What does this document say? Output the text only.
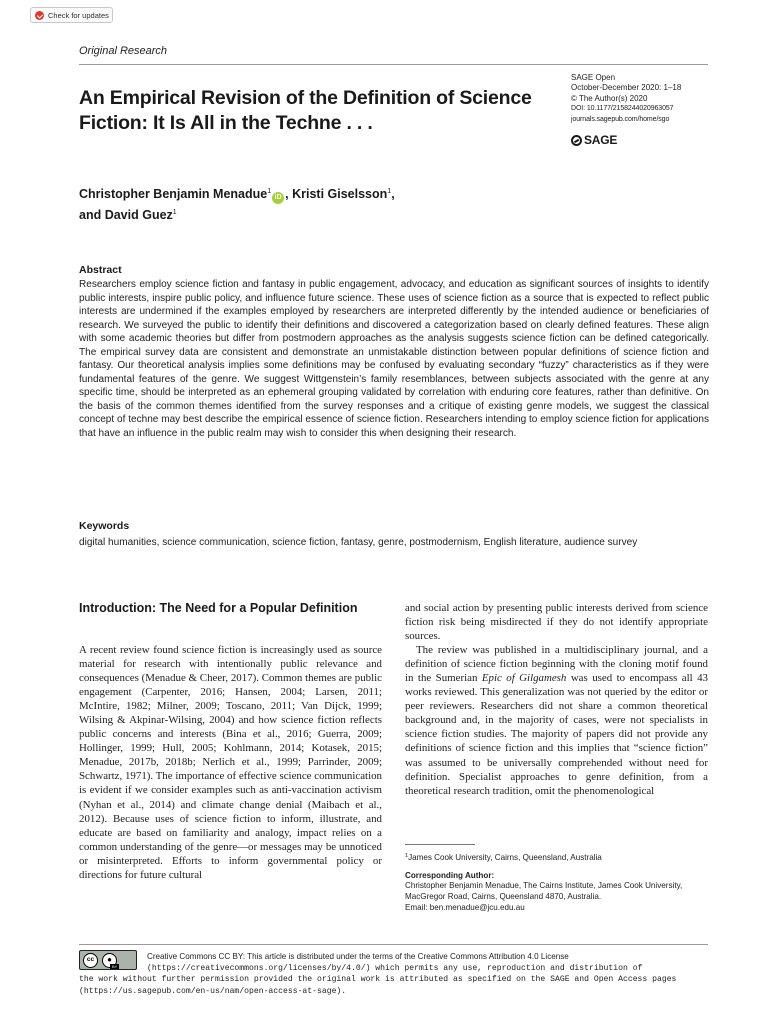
Check for updates
Original Research
SAGE Open
October-December 2020: 1–18
© The Author(s) 2020
DOI: 10.1177/2158244020963057
journals.sagepub.com/home/sgo
SAGE
An Empirical Revision of the Definition of Science Fiction: It Is All in the Techne . . .
Christopher Benjamin Menadue$^1$iD , Kristi Giselsson$^1$,
and David Guez$^1$
Abstract

Researchers employ science fiction and fantasy in public engagement, advocacy, and education as significant sources of insights to identify public interests, inspire public policy, and influence future science. These uses of science fiction as a source that is expected to reflect public interests are undermined if the examples employed by researchers are interpreted differently by the intended audience or beneficiaries of research. We surveyed the public to identify their definitions and discovered a categorization based on clearly defined features. These align with some academic theories but differ from postmodern approaches as the analysis suggests science fiction can be defined categorically. The empirical survey data are consistent and demonstrate an unmistakable distinction between popular definitions of science fiction and fantasy. Our theoretical analysis implies some definitions may be confused by evaluating secondary “fuzzy” characteristics as if they were fundamental features of the genre. We suggest Wittgenstein’s family resemblances, between subjects associated with the genre at any specific time, should be interpreted as an ephemeral grouping validated by correlation with enduring core features, rather than definitive. On the basis of the common themes identified from the survey responses and a critique of existing genre models, we suggest the classical concept of techne may best describe the empirical essence of science fiction. Researchers intending to employ science fiction for applications that have an influence in the public realm may wish to consider this when designing their research.

Keywords

digital humanities, science communication, science fiction, fantasy, genre, postmodernism, English literature, audience survey

Introduction: The Need for a Popular Definition

A recent review found science fiction is increasingly used as source material for research with intentionally public relevance and consequences (Menadue & Cheer, 2017). Common themes are public engagement (Carpenter, 2016; Hansen, 2004; Larsen, 2011; McIntire, 1982; Milner, 2009; Toscano, 2011; Van Dijck, 1999; Wilsing & Akpinar-Wilsing, 2004) and how science fiction reflects public concerns and interests (Bina et al., 2016; Guerra, 2009; Hollinger, 1999; Hull, 2005; Kohlmann, 2014; Kotasek, 2015; Menadue, 2017b, 2018b; Nerlich et al., 1999; Parrinder, 2009; Schwartz, 1971). The importance of effective science communication is evident if we consider examples such as anti-vaccination activism (Nyhan et al., 2014) and climate change denial (Maibach et al., 2012). Because uses of science fiction to inform, illustrate, and educate are based on familiarity and analogy, impact relies on a common understanding of the genre—or messages may be unnoticed or misinterpreted. Efforts to inform governmental policy or directions for future cultural

and social action by presenting public interests derived from science fiction risk being misdirected if they do not identify appropriate sources.

The review was published in a multidisciplinary journal, and a definition of science fiction beginning with the cloning motif found in the Sumerian Epic of Gilgamesh was used to encompass all 43 works reviewed. This generalization was not queried by the editor or peer reviewers. Researchers did not share a common theoretical background and, in the majority of cases, were not specialists in science fiction studies. The majority of papers did not provide any definitions of science fiction and this implies that “science fiction” was assumed to be universally comprehended without need for definition. Specialist approaches to genre definition, from a theoretical research tradition, omit the phenomenological

$^1$James Cook University, Cairns, Queensland, Australia
Corresponding Author:
Christopher Benjamin Menadue, The Cairns Institute, James Cook University, MacGregor Road, Cairns, Queensland 4870, Australia.
Email: ben.menadue@jcu.edu.au
cc	●
BY
Creative Commons CC BY: This article is distributed under the terms of the Creative Commons Attribution 4.0 License
(https://creativecommons.org/licenses/by/4.0/) which permits any use, reproduction and distribution of
the work without further permission provided the original work is attributed as specified on the SAGE and Open Access pages
(https://us.sagepub.com/en-us/nam/open-access-at-sage).
